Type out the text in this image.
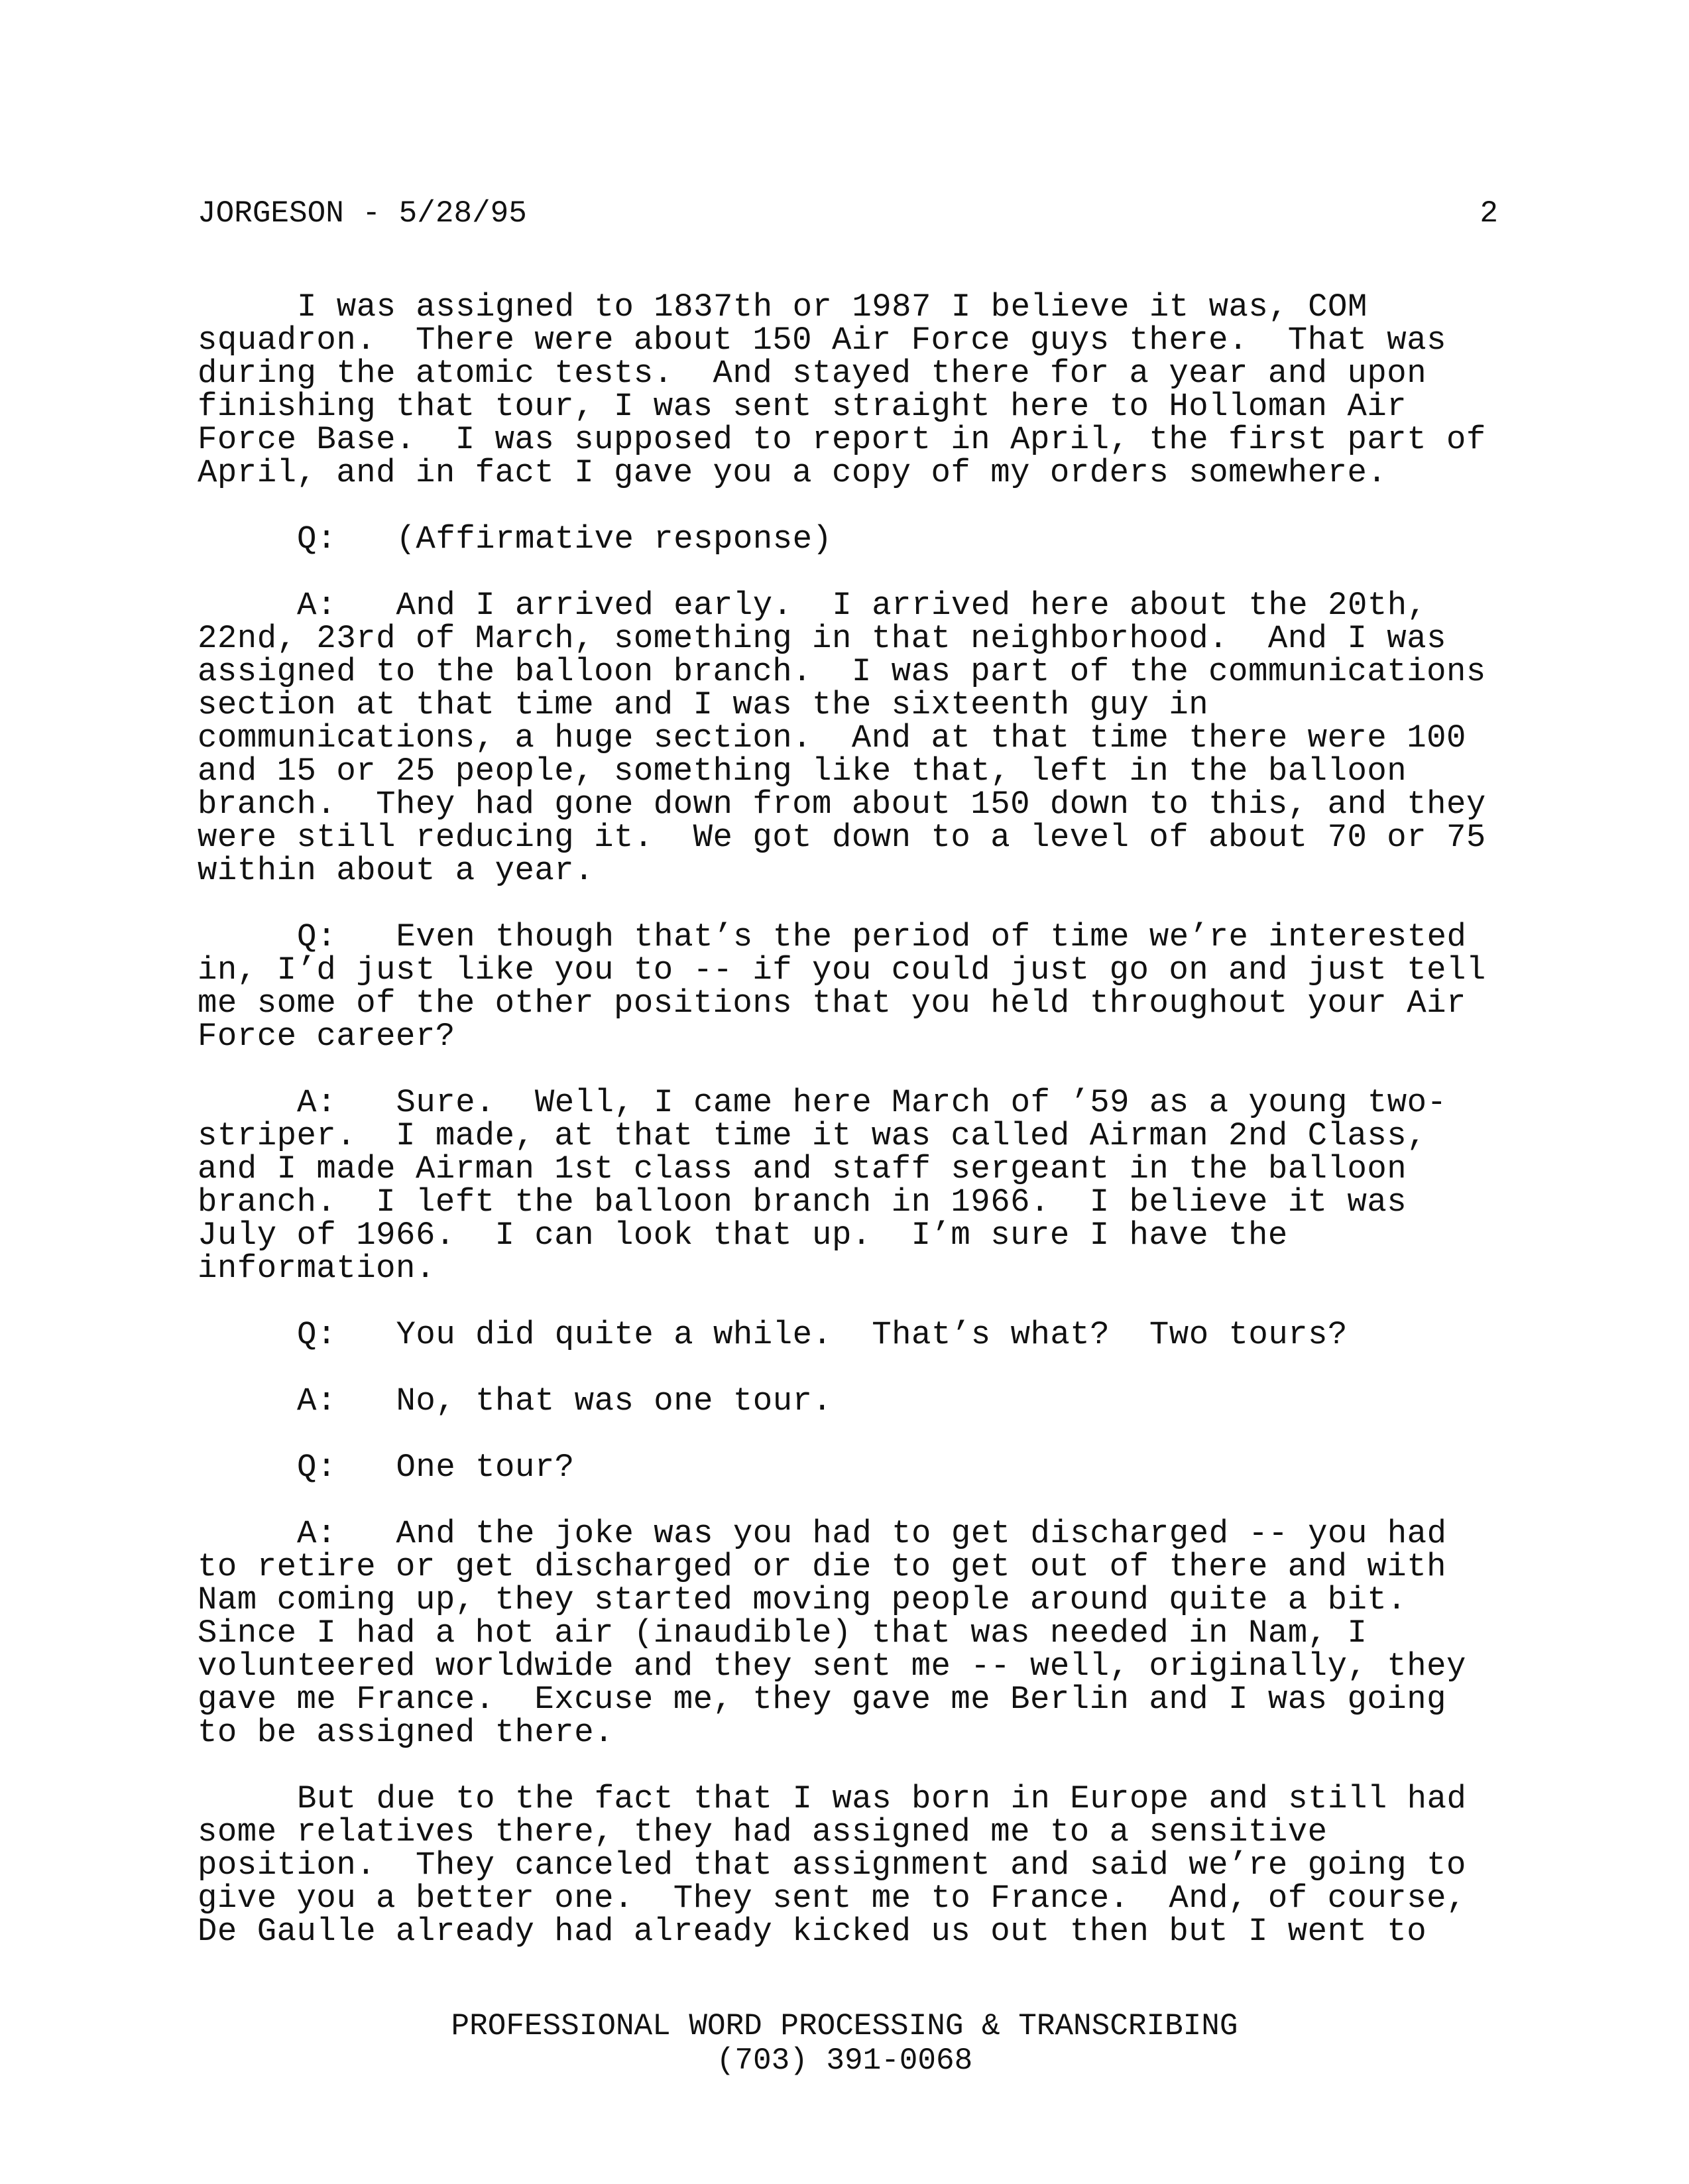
JORGESON - 5/28/95	2
I was assigned to 1837th or 1987 I believe it was, COM
squadron.  There were about 150 Air Force guys there.  That was
during the atomic tests.  And stayed there for a year and upon
finishing that tour, I was sent straight here to Holloman Air
Force Base.  I was supposed to report in April, the first part of
April, and in fact I gave you a copy of my orders somewhere.
Q:   (Affirmative response)
A:   And I arrived early.  I arrived here about the 20th,
22nd, 23rd of March, something in that neighborhood.  And I was
assigned to the balloon branch.  I was part of the communications
section at that time and I was the sixteenth guy in
communications, a huge section.  And at that time there were 100
and 15 or 25 people, something like that, left in the balloon
branch.  They had gone down from about 150 down to this, and they
were still reducing it.  We got down to a level of about 70 or 75
within about a year.
Q:   Even though that’s the period of time we’re interested
in, I’d just like you to -- if you could just go on and just tell
me some of the other positions that you held throughout your Air
Force career?
A:   Sure.  Well, I came here March of ’59 as a young two-
striper.  I made, at that time it was called Airman 2nd Class,
and I made Airman 1st class and staff sergeant in the balloon
branch.  I left the balloon branch in 1966.  I believe it was
July of 1966.  I can look that up.  I’m sure I have the
information.
Q:   You did quite a while.  That’s what?  Two tours?
A:   No, that was one tour.
Q:   One tour?
A:   And the joke was you had to get discharged -- you had
to retire or get discharged or die to get out of there and with
Nam coming up, they started moving people around quite a bit.
Since I had a hot air (inaudible) that was needed in Nam, I
volunteered worldwide and they sent me -- well, originally, they
gave me France.  Excuse me, they gave me Berlin and I was going
to be assigned there.
But due to the fact that I was born in Europe and still had
some relatives there, they had assigned me to a sensitive
position.  They canceled that assignment and said we’re going to
give you a better one.  They sent me to France.  And, of course,
De Gaulle already had already kicked us out then but I went to
PROFESSIONAL WORD PROCESSING & TRANSCRIBING
(703) 391-0068
